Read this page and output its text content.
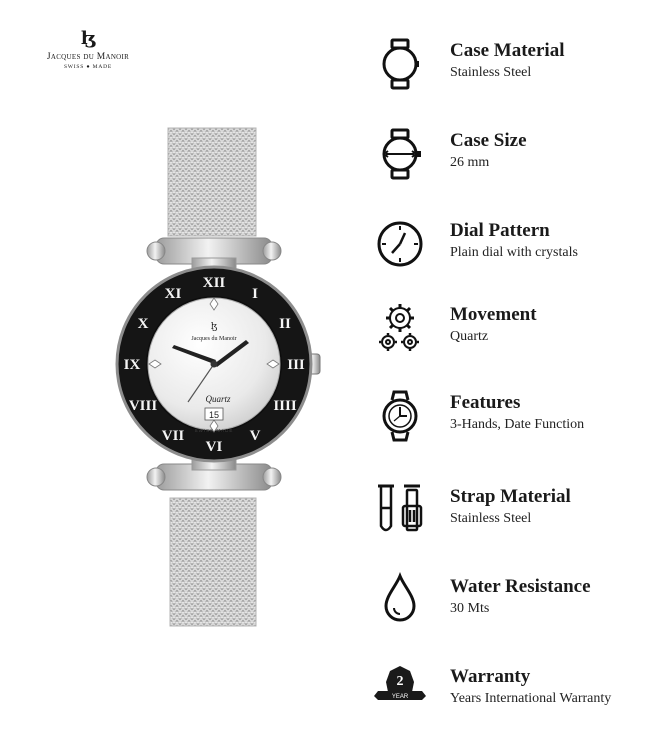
ɮ
Jacques du Manoir
SWISS ● MADE
XII
I
II
III
IIII
V
VI
VII
VIII
IX
X
XI
ɮ
Jacques du Manoir
Quartz
15
SWISS MADE
Case Material
Stainless Steel
Case Size
26 mm
Dial Pattern
Plain dial with crystals
Movement
Quartz
Features
3-Hands, Date Function
Strap Material
Stainless Steel
Water Resistance
30 Mts
2
YEAR
Warranty
Years International Warranty
